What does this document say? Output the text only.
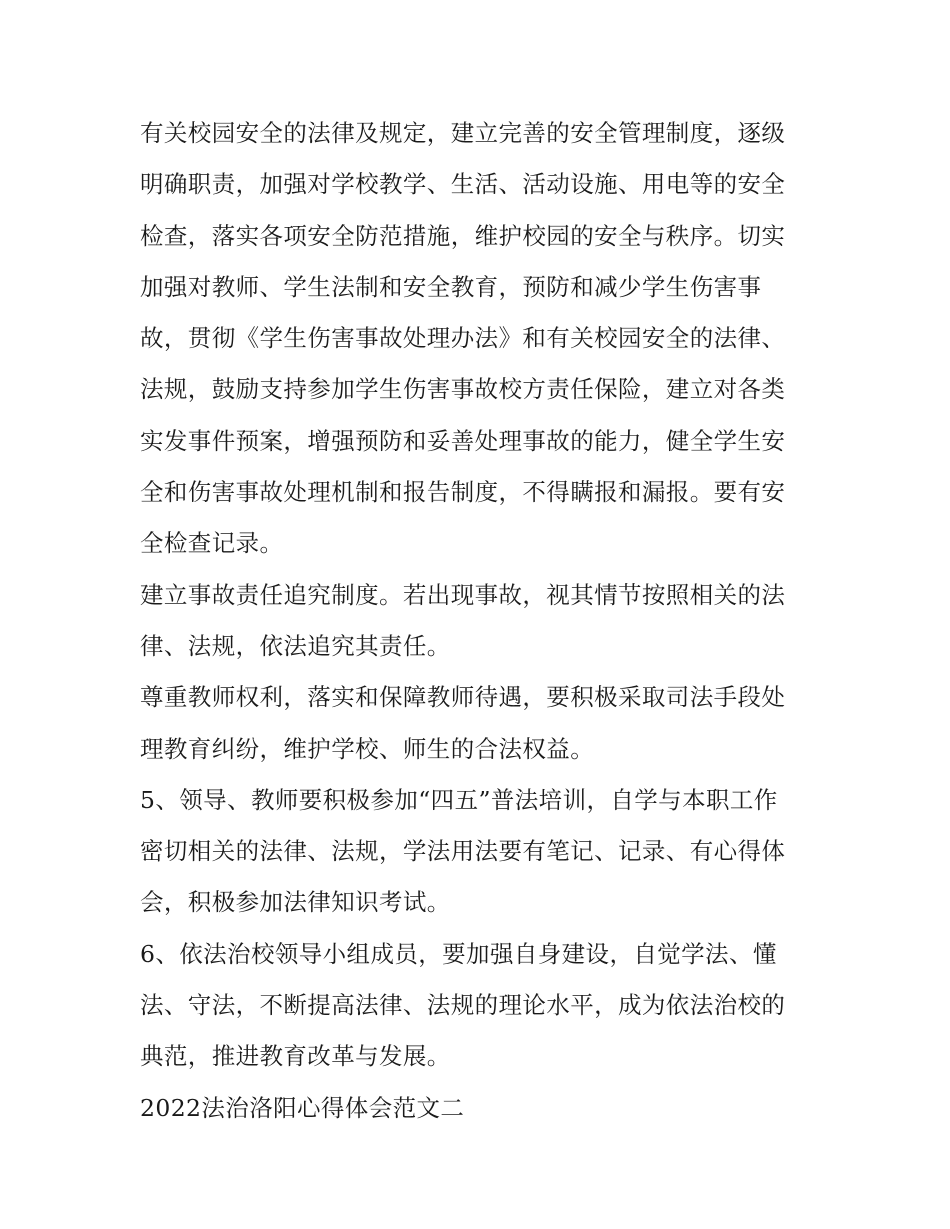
有关校园安全的法律及规定，建立完善的安全管理制度，逐级
明确职责，加强对学校教学、生活、活动设施、用电等的安全
检查，落实各项安全防范措施，维护校园的安全与秩序。切实
加强对教师、学生法制和安全教育，预防和减少学生伤害事
故，贯彻《学生伤害事故处理办法》和有关校园安全的法律、
法规，鼓励支持参加学生伤害事故校方责任保险，建立对各类
实发事件预案，增强预防和妥善处理事故的能力，健全学生安
全和伤害事故处理机制和报告制度，不得瞒报和漏报。要有安
全检查记录。
建立事故责任追究制度。若出现事故，视其情节按照相关的法
律、法规，依法追究其责任。
尊重教师权利，落实和保障教师待遇，要积极采取司法手段处
理教育纠纷，维护学校、师生的合法权益。
5、领导、教师要积极参加“四五”普法培训，自学与本职工作
密切相关的法律、法规，学法用法要有笔记、记录、有心得体
会，积极参加法律知识考试。
6、依法治校领导小组成员，要加强自身建设，自觉学法、懂
法、守法，不断提高法律、法规的理论水平，成为依法治校的
典范，推进教育改革与发展。
2022法治洛阳心得体会范文二
